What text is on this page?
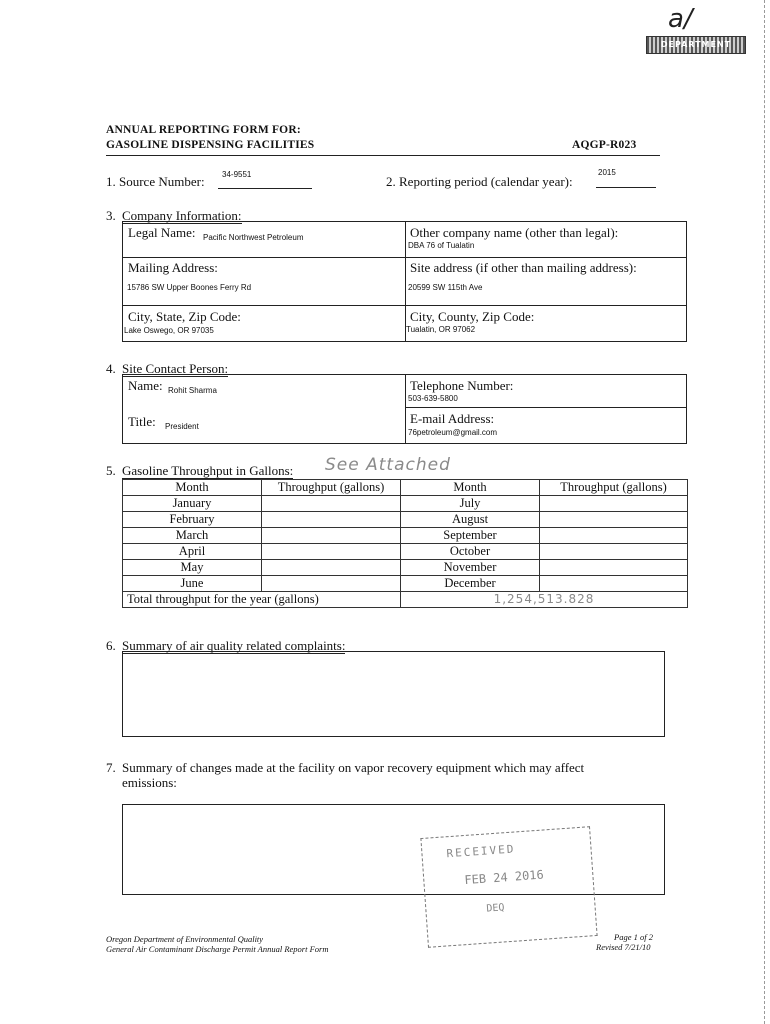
a/
DEPARTMENT
ANNUAL REPORTING FORM FOR:
GASOLINE DISPENSING FACILITIES	AQGP-R023
1. Source Number: 34-9551	2. Reporting period (calendar year):
2015
3. Company Information:
Legal Name: Pacific Northwest Petroleum	Other company name (other than legal):
DBA 76 of Tualatin
Mailing Address:
15786 SW Upper Boones Ferry Rd
Site address (if other than mailing address):
20599 SW 115th Ave
City, State, Zip Code:
Lake Oswego, OR 97035
City, County, Zip Code:
Tualatin, OR 97062
4. Site Contact Person:
Name: Rohit Sharma	Telephone Number:
503-639-5800
Title: President
E-mail Address:
76petroleum@gmail.com
5. Gasoline Throughput in Gallons: See Attached
Month	Throughput (gallons)	Month	Throughput (gallons)
January		July	
February		August	
March		September	
April		October	
May		November	
June		December	
Total throughput for the year (gallons)		1,254,513.828	
6. Summary of air quality related complaints:
7. Summary of changes made at the facility on vapor recovery equipment which may affect
emissions:
RECEIVED
FEB 24 2016
DEQ
Oregon Department of Environmental Quality
General Air Contaminant Discharge Permit Annual Report Form
Page 1 of 2
Revised 7/21/10
